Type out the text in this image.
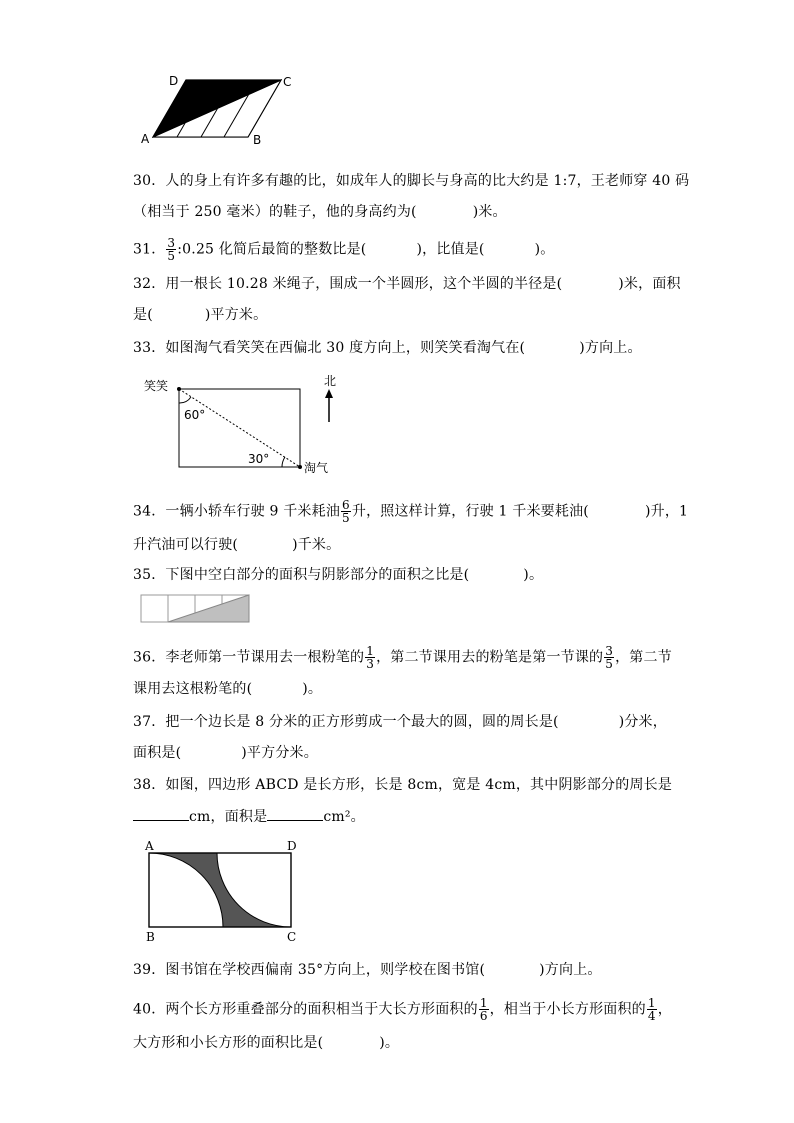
A	B
C
D
30．人的身上有许多有趣的比，如成年人的脚长与身高的比大约是 1:7，王老师穿 40 码
（相当于 250 毫米）的鞋子，他的身高约为(	)米。
31． $\frac{3}{5}$ :0.25 化简后最简的整数比是(	)，比值是(	)。
32．用一根长 10.28 米绳子，围成一个半圆形，这个半圆的半径是(	)米，面积
是(	)平方米。
33．如图淘气看笑笑在西偏北 30 度方向上，则笑笑看淘气在(	)方向上。
笑笑
淘气
60°
30°
北
34．一辆小轿车行驶 9 千米耗油 $\frac{6}{5}$ 升，照这样计算，行驶 1 千米要耗油(	)升，1
升汽油可以行驶(	)千米。
35．下图中空白部分的面积与阴影部分的面积之比是(	)。
36．李老师第一节课用去一根粉笔的 $\frac{1}{3}$ ，第二节课用去的粉笔是第一节课的 $\frac{3}{5}$ ，第二节
课用去这根粉笔的(	)。
37．把一个边长是 8 分米的正方形剪成一个最大的圆，圆的周长是(	)分米，
面积是(	)平方分米。
38．如图，四边形 ABCD 是长方形，长是 8cm，宽是 4cm，其中阴影部分的周长是
cm，面积是	cm²。
A	D
B	C
39．图书馆在学校西偏南 35°方向上，则学校在图书馆(	)方向上。
40．两个长方形重叠部分的面积相当于大长方形面积的 $\frac{1}{6}$ ，相当于小长方形面积的 $\frac{1}{4}$ ，
大方形和小长方形的面积比是(	)。
